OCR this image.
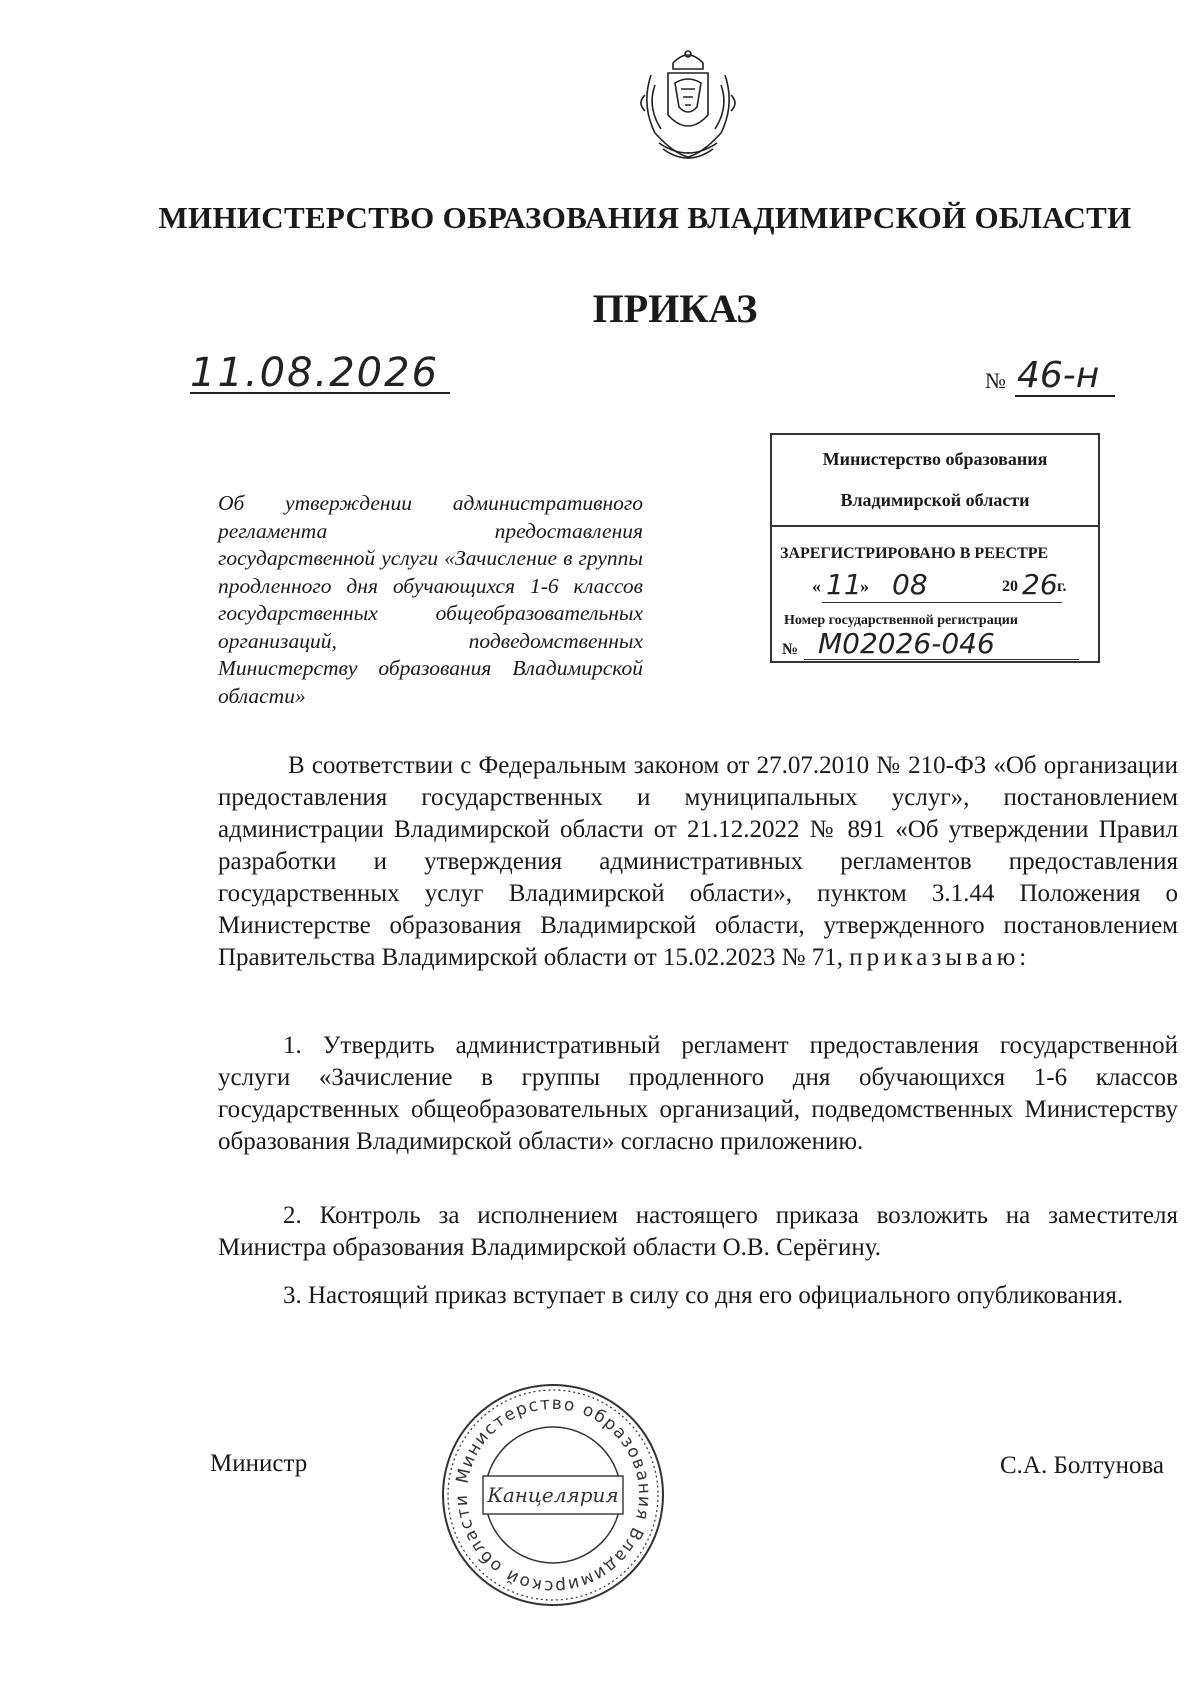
МИНИСТЕРСТВО ОБРАЗОВАНИЯ ВЛАДИМИРСКОЙ ОБЛАСТИ
ПРИКАЗ
11.08.2026	№ 46-н
Министерство образования
Владимирской области
ЗАРЕГИСТРИРОВАНО В РЕЕСТРЕ
« 11
» 08	20 26 г.
Номер государственной регистрации
№ М02026-046
Об утверждении административного регламента предоставления государственной услуги «Зачисление в группы продленного дня обучающихся 1-6 классов государственных общеобразовательных организаций, подведомственных Министерству образования Владимирской области»
В соответствии с Федеральным законом от 27.07.2010 № 210-ФЗ «Об организации предоставления государственных и муниципальных услуг», постановлением администрации Владимирской области от 21.12.2022 № 891 «Об утверждении Правил разработки и утверждения административных регламентов предоставления государственных услуг Владимирской области», пунктом 3.1.44 Положения о Министерстве образования Владимирской области, утвержденного постановлением Правительства Владимирской области от 15.02.2023 № 71, приказываю:
1. Утвердить административный регламент предоставления государственной услуги «Зачисление в группы продленного дня обучающихся 1-6 классов государственных общеобразовательных организаций, подведомственных Министерству образования Владимирской области» согласно приложению.
2. Контроль за исполнением настоящего приказа возложить на заместителя Министра образования Владимирской области О.В. Серёгину.
3. Настоящий приказ вступает в силу со дня его официального опубликования.
Министр	Министерство образования Владимирской области Канцелярия
С.А. Болтунова
